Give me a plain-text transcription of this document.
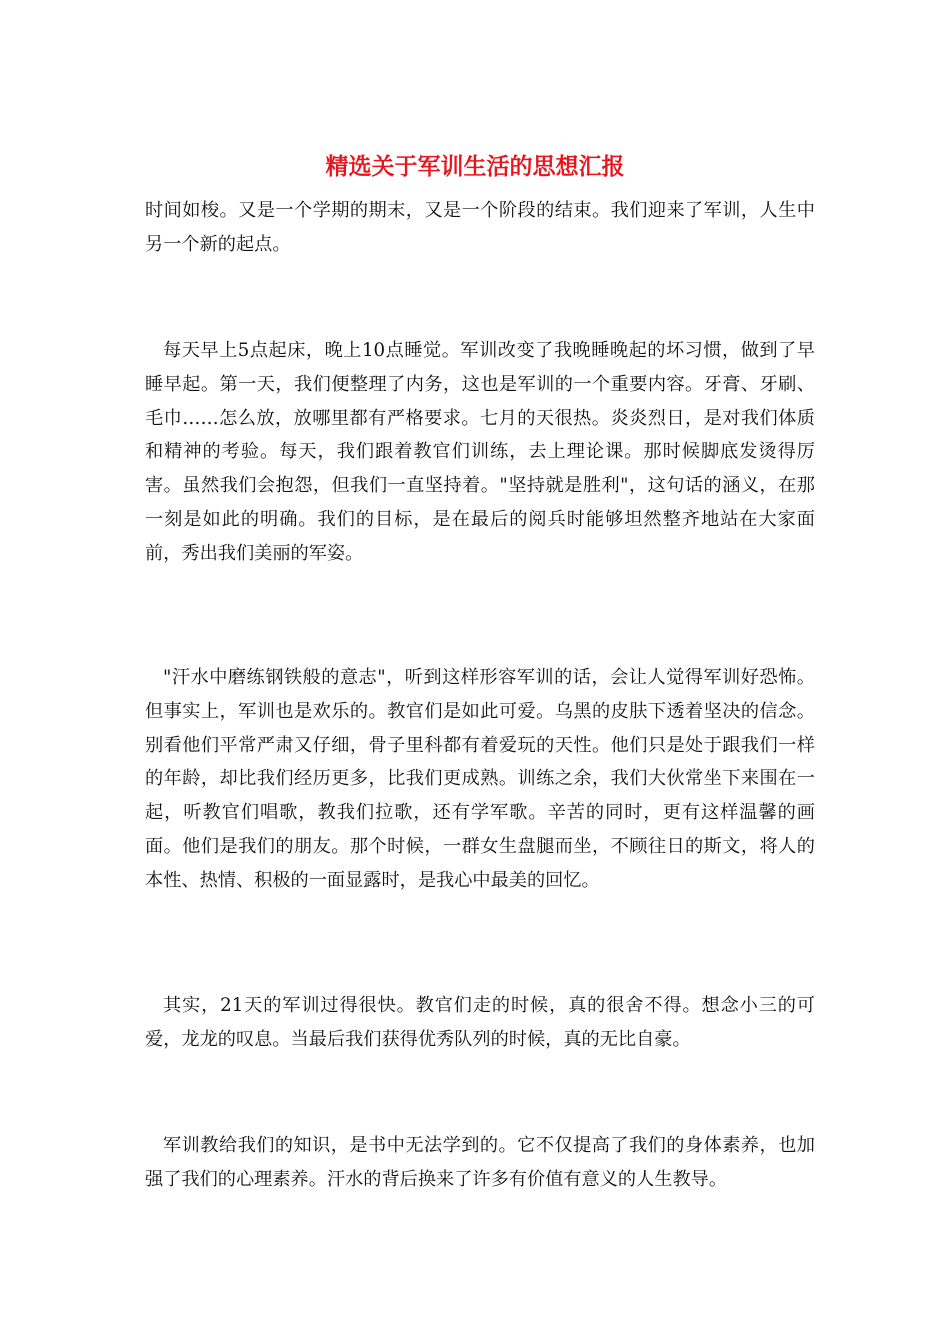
精选关于军训生活的思想汇报

时间如梭。又是一个学期的期末，又是一个阶段的结束。我们迎来了军训，人生中另一个新的起点。

每天早上5点起床，晚上10点睡觉。军训改变了我晚睡晚起的坏习惯，做到了早睡早起。第一天，我们便整理了内务，这也是军训的一个重要内容。牙膏、牙刷、毛巾……怎么放，放哪里都有严格要求。七月的天很热。炎炎烈日，是对我们体质和精神的考验。每天，我们跟着教官们训练，去上理论课。那时候脚底发烫得厉害。虽然我们会抱怨，但我们一直坚持着。"坚持就是胜利"，这句话的涵义，在那一刻是如此的明确。我们的目标，是在最后的阅兵时能够坦然整齐地站在大家面前，秀出我们美丽的军姿。

"汗水中磨练钢铁般的意志"，听到这样形容军训的话，会让人觉得军训好恐怖。但事实上，军训也是欢乐的。教官们是如此可爱。乌黑的皮肤下透着坚决的信念。别看他们平常严肃又仔细，骨子里科都有着爱玩的天性。他们只是处于跟我们一样的年龄，却比我们经历更多，比我们更成熟。训练之余，我们大伙常坐下来围在一起，听教官们唱歌，教我们拉歌，还有学军歌。辛苦的同时，更有这样温馨的画面。他们是我们的朋友。那个时候，一群女生盘腿而坐，不顾往日的斯文，将人的本性、热情、积极的一面显露时，是我心中最美的回忆。

其实，21天的军训过得很快。教官们走的时候，真的很舍不得。想念小三的可爱，龙龙的叹息。当最后我们获得优秀队列的时候，真的无比自豪。

军训教给我们的知识，是书中无法学到的。它不仅提高了我们的身体素养，也加强了我们的心理素养。汗水的背后换来了许多有价值有意义的人生教导。
